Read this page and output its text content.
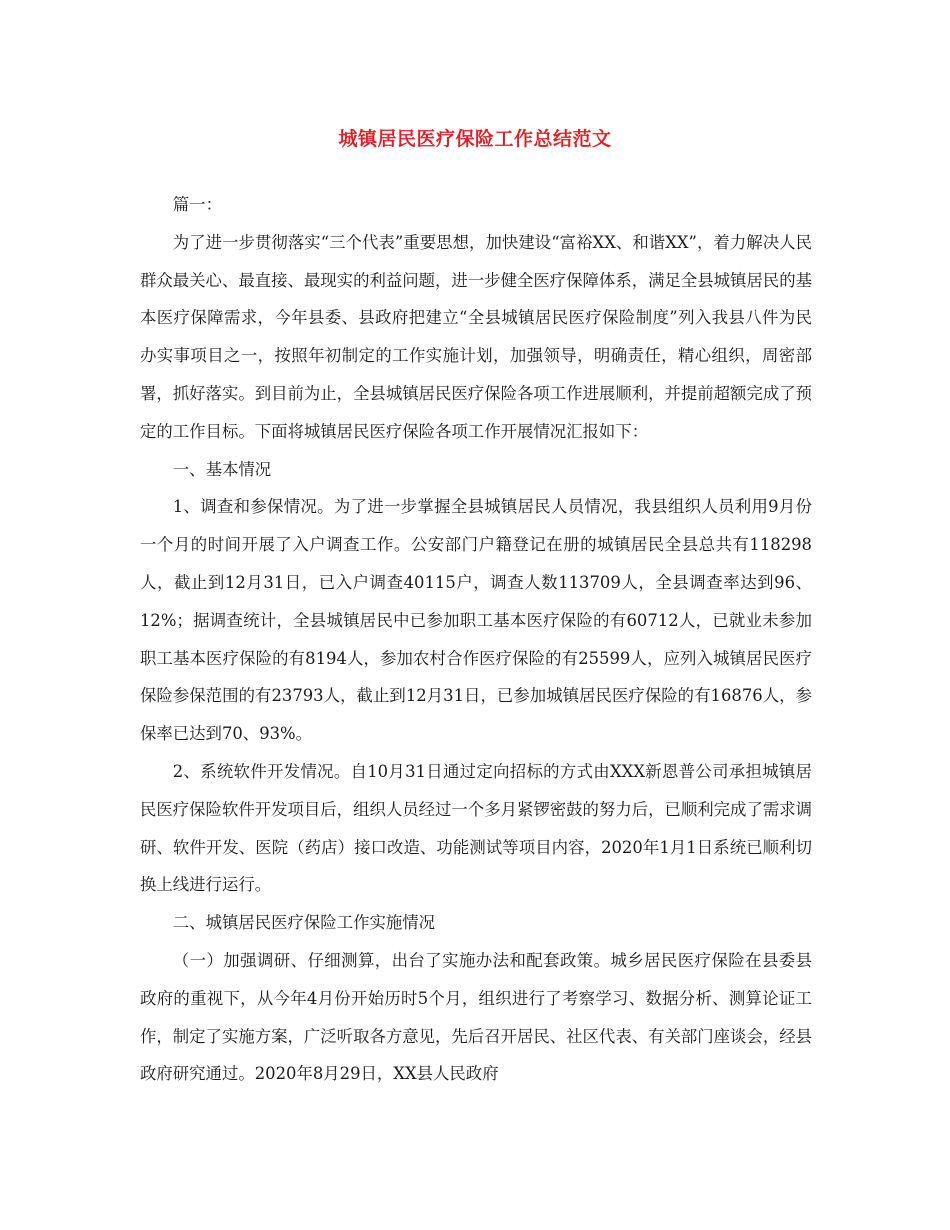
城镇居民医疗保险工作总结范文

篇一：

为了进一步贯彻落实“三个代表”重要思想，加快建设“富裕XX、和谐XX”，着力解决人民群众最关心、最直接、最现实的利益问题，进一步健全医疗保障体系，满足全县城镇居民的基本医疗保障需求，今年县委、县政府把建立“全县城镇居民医疗保险制度”列入我县八件为民办实事项目之一，按照年初制定的工作实施计划，加强领导，明确责任，精心组织，周密部署，抓好落实。到目前为止，全县城镇居民医疗保险各项工作进展顺利，并提前超额完成了预定的工作目标。下面将城镇居民医疗保险各项工作开展情况汇报如下：

一、基本情况

1、调查和参保情况。为了进一步掌握全县城镇居民人员情况，我县组织人员利用9月份一个月的时间开展了入户调查工作。公安部门户籍登记在册的城镇居民全县总共有118298人，截止到12月31日，已入户调查40115户，调查人数113709人，全县调查率达到96、12%；据调查统计，全县城镇居民中已参加职工基本医疗保险的有60712人，已就业未参加职工基本医疗保险的有8194人，参加农村合作医疗保险的有25599人，应列入城镇居民医疗保险参保范围的有23793人，截止到12月31日，已参加城镇居民医疗保险的有16876人，参保率已达到70、93%。

2、系统软件开发情况。自10月31日通过定向招标的方式由XXX新恩普公司承担城镇居民医疗保险软件开发项目后，组织人员经过一个多月紧锣密鼓的努力后，已顺利完成了需求调研、软件开发、医院（药店）接口改造、功能测试等项目内容，2020年1月1日系统已顺利切换上线进行运行。

二、城镇居民医疗保险工作实施情况

（一）加强调研、仔细测算，出台了实施办法和配套政策。城乡居民医疗保险在县委县政府的重视下，从今年4月份开始历时5个月，组织进行了考察学习、数据分析、测算论证工作，制定了实施方案，广泛听取各方意见，先后召开居民、社区代表、有关部门座谈会，经县政府研究通过。2020年8月29日，XX县人民政府
